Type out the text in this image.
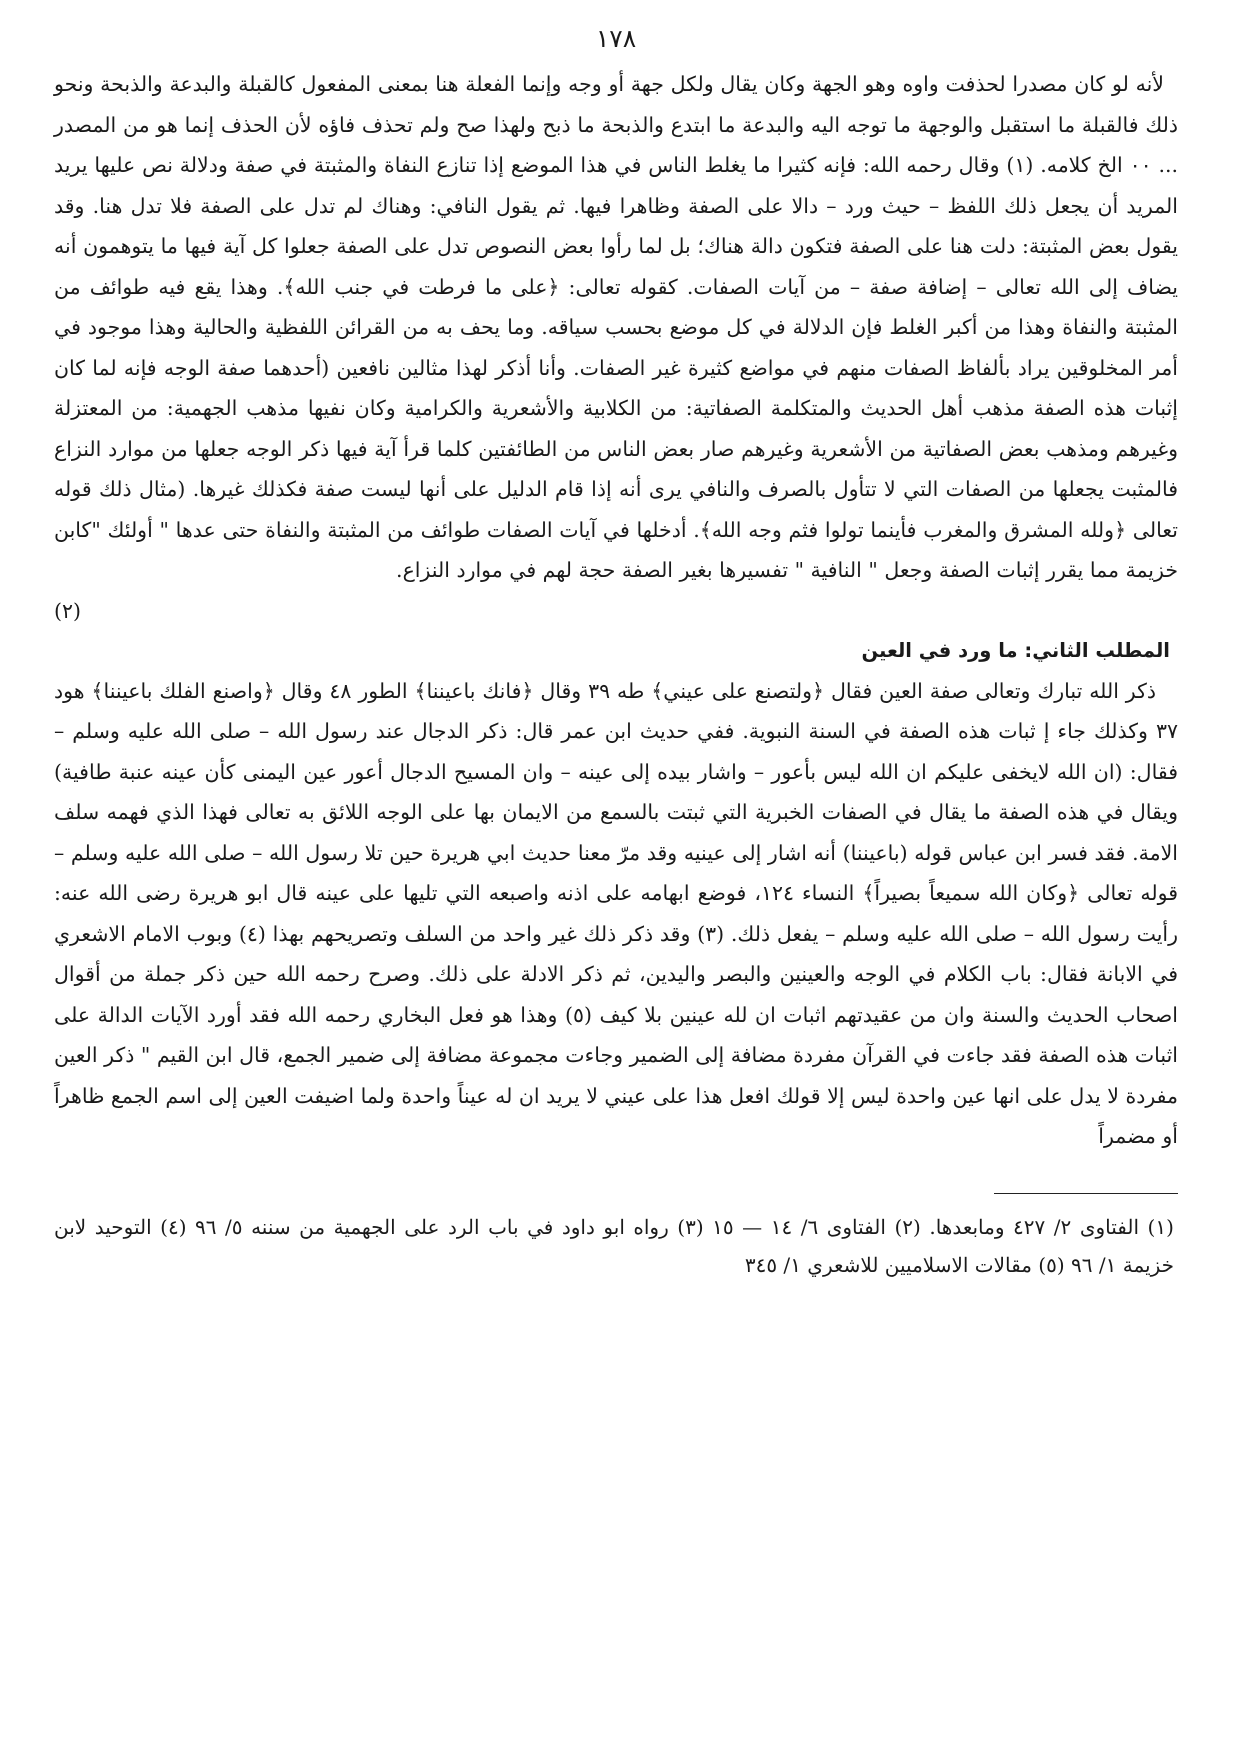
١٧٨

لأنه لو كان مصدرا لحذفت واوه وهو الجهة وكان يقال ولكل جهة أو وجه وإنما الفعلة هنا بمعنى المفعول كالقبلة والبدعة والذبحة ونحو ذلك فالقبلة ما استقبل والوجهة ما توجه اليه والبدعة ما ابتدع والذبحة ما ذبح ولهذا صح ولم تحذف فاؤه لأن الحذف إنما هو من المصدر ... ٠٠ الخ كلامه. (١) وقال رحمه الله: فإنه كثيرا ما يغلط الناس في هذا الموضع إذا تنازع النفاة والمثبتة في صفة ودلالة نص عليها يريد المريد أن يجعل ذلك اللفظ – حيث ورد – دالا على الصفة وظاهرا فيها. ثم يقول النافي: وهناك لم تدل على الصفة فلا تدل هنا. وقد يقول بعض المثبتة: دلت هنا على الصفة فتكون دالة هناك؛ بل لما رأوا بعض النصوص تدل على الصفة جعلوا كل آية فيها ما يتوهمون أنه يضاف إلى الله تعالى – إضافة صفة – من آيات الصفات. كقوله تعالى: ﴿على ما فرطت في جنب الله﴾. وهذا يقع فيه طوائف من المثبتة والنفاة وهذا من أكبر الغلط فإن الدلالة في كل موضع بحسب سياقه. وما يحف به من القرائن اللفظية والحالية وهذا موجود في أمر المخلوقين يراد بألفاظ الصفات منهم في مواضع كثيرة غير الصفات. وأنا أذكر لهذا مثالين نافعين (أحدهما صفة الوجه فإنه لما كان إثبات هذه الصفة مذهب أهل الحديث والمتكلمة الصفاتية: من الكلابية والأشعرية والكرامية وكان نفيها مذهب الجهمية: من المعتزلة وغيرهم ومذهب بعض الصفاتية من الأشعرية وغيرهم صار بعض الناس من الطائفتين كلما قرأ آية فيها ذكر الوجه جعلها من موارد النزاع فالمثبت يجعلها من الصفات التي لا تتأول بالصرف والنافي يرى أنه إذا قام الدليل على أنها ليست صفة فكذلك غيرها. (مثال ذلك قوله تعالى ﴿ولله المشرق والمغرب فأينما تولوا فثم وجه الله﴾. أدخلها في آيات الصفات طوائف من المثبتة والنفاة حتى عدها " أولئك "كابن خزيمة مما يقرر إثبات الصفة وجعل " النافية " تفسيرها بغير الصفة حجة لهم في موارد النزاع.

(٢)
المطلب الثاني: ما ورد في العين

ذكر الله تبارك وتعالى صفة العين فقال ﴿ولتصنع على عيني﴾ طه ٣٩ وقال ﴿فانك باعيننا﴾ الطور ٤٨ وقال ﴿واصنع الفلك باعيننا﴾ هود ٣٧ وكذلك جاء إ ثبات هذه الصفة في السنة النبوية. ففي حديث ابن عمر قال: ذكر الدجال عند رسول الله – صلى الله عليه وسلم – فقال: (ان الله لايخفى عليكم ان الله ليس بأعور – واشار بيده إلى عينه – وان المسيح الدجال أعور عين اليمنى كأن عينه عنبة طافية) ويقال في هذه الصفة ما يقال في الصفات الخبرية التي ثبتت بالسمع من الايمان بها على الوجه اللائق به تعالى فهذا الذي فهمه سلف الامة. فقد فسر ابن عباس قوله (باعيننا) أنه اشار إلى عينيه وقد مرّ معنا حديث ابي هريرة حين تلا رسول الله – صلى الله عليه وسلم – قوله تعالى ﴿وكان الله سميعاً بصيراً﴾ النساء ١٢٤، فوضع ابهامه على اذنه واصبعه التي تليها على عينه قال ابو هريرة رضى الله عنه: رأيت رسول الله – صلى الله عليه وسلم – يفعل ذلك. (٣) وقد ذكر ذلك غير واحد من السلف وتصريحهم بهذا (٤) وبوب الامام الاشعري في الابانة فقال: باب الكلام في الوجه والعينين والبصر واليدين، ثم ذكر الادلة على ذلك. وصرح رحمه الله حين ذكر جملة من أقوال اصحاب الحديث والسنة وان من عقيدتهم اثبات ان لله عينين بلا كيف (٥) وهذا هو فعل البخاري رحمه الله فقد أورد الآيات الدالة على اثبات هذه الصفة فقد جاءت في القرآن مفردة مضافة إلى الضمير وجاءت مجموعة مضافة إلى ضمير الجمع، قال ابن القيم " ذكر العين مفردة لا يدل على انها عين واحدة ليس إلا قولك افعل هذا على عيني لا يريد ان له عيناً واحدة ولما اضيفت العين إلى اسم الجمع ظاهراً أو مضمراً

(١) الفتاوى ٢/ ٤٢٧ ومابعدها. (٢) الفتاوى ٦/ ١٤ — ١٥ (٣) رواه ابو داود في باب الرد على الجهمية من سننه ٥/ ٩٦ (٤) التوحيد لابن خزيمة ١/ ٩٦ (٥) مقالات الاسلاميين للاشعري ١/ ٣٤٥
